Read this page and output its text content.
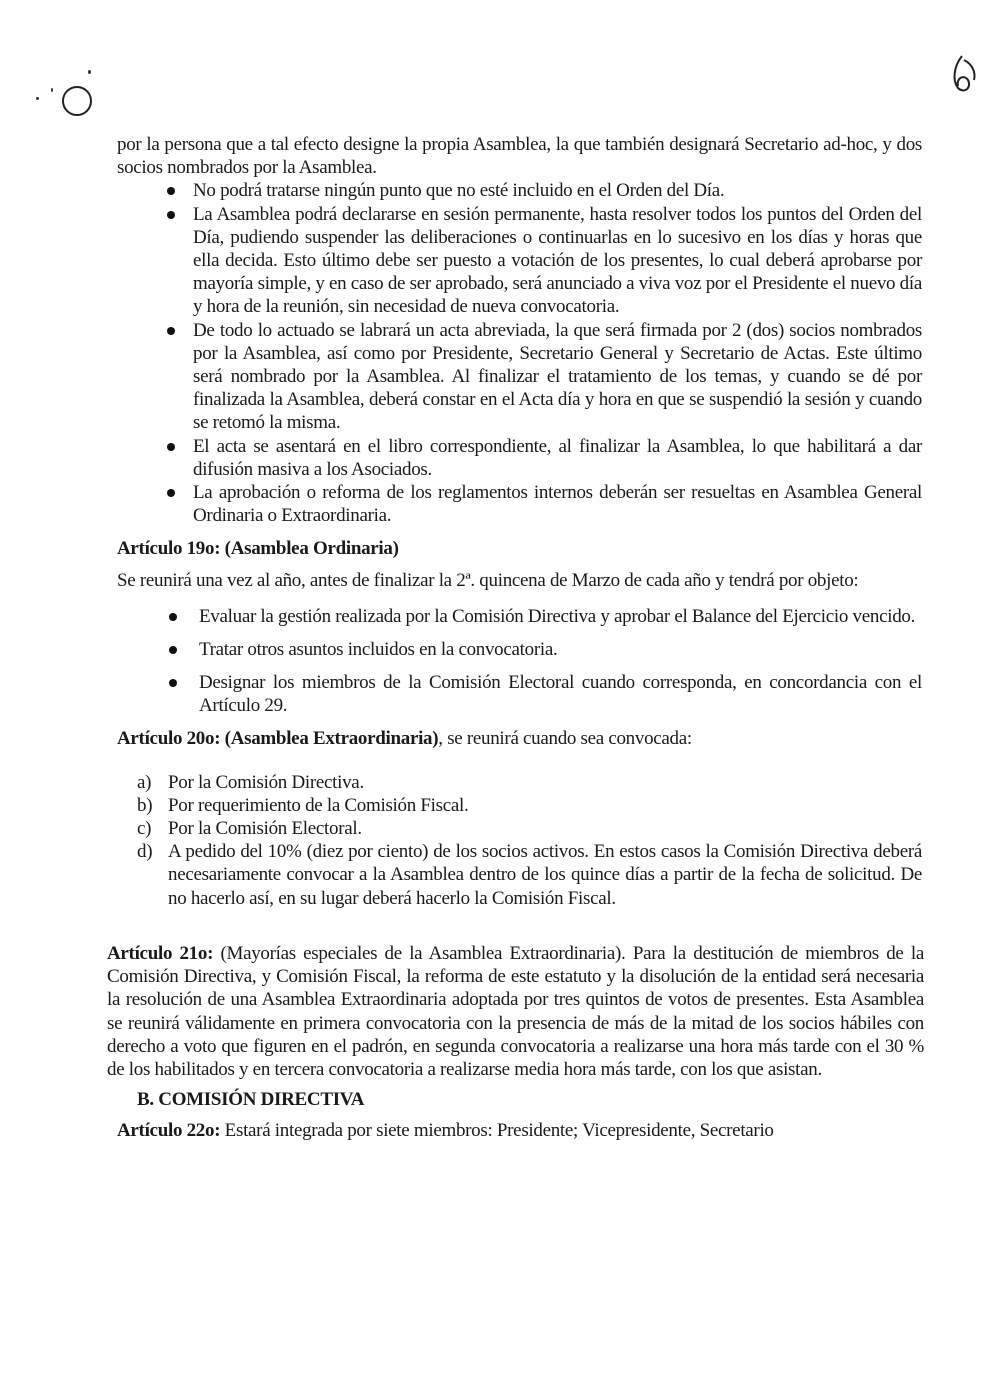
por la persona que a tal efecto designe la propia Asamblea, la que también designará Secretario ad-hoc, y dos socios nombrados por la Asamblea.

No podrá tratarse ningún punto que no esté incluido en el Orden del Día.
La Asamblea podrá declararse en sesión permanente, hasta resolver todos los puntos del Orden del Día, pudiendo suspender las deliberaciones o continuarlas en lo sucesivo en los días y horas que ella decida. Esto último debe ser puesto a votación de los presentes, lo cual deberá aprobarse por mayoría simple, y en caso de ser aprobado, será anunciado a viva voz por el Presidente el nuevo día y hora de la reunión, sin necesidad de nueva convocatoria.
De todo lo actuado se labrará un acta abreviada, la que será firmada por 2 (dos) socios nombrados por la Asamblea, así como por Presidente, Secretario General y Secretario de Actas. Este último será nombrado por la Asamblea. Al finalizar el tratamiento de los temas, y cuando se dé por finalizada la Asamblea, deberá constar en el Acta día y hora en que se suspendió la sesión y cuando se retomó la misma.
El acta se asentará en el libro correspondiente, al finalizar la Asamblea, lo que habilitará a dar difusión masiva a los Asociados.
La aprobación o reforma de los reglamentos internos deberán ser resueltas en Asamblea General Ordinaria o Extraordinaria.

Artículo 19o: (Asamblea Ordinaria)

Se reunirá una vez al año, antes de finalizar la 2ª. quincena de Marzo de cada año y tendrá por objeto:

Evaluar la gestión realizada por la Comisión Directiva y aprobar el Balance del Ejercicio vencido.
Tratar otros asuntos incluidos en la convocatoria.
Designar los miembros de la Comisión Electoral cuando corresponda, en concordancia con el Artículo 29.

Artículo 20o: (Asamblea Extraordinaria), se reunirá cuando sea convocada:

a) Por la Comisión Directiva.
b) Por requerimiento de la Comisión Fiscal.
c) Por la Comisión Electoral.
d) A pedido del 10% (diez por ciento) de los socios activos. En estos casos la Comisión Directiva deberá necesariamente convocar a la Asamblea dentro de los quince días a partir de la fecha de solicitud. De no hacerlo así, en su lugar deberá hacerlo la Comisión Fiscal.

Artículo 21o: (Mayorías especiales de la Asamblea Extraordinaria). Para la destitución de miembros de la Comisión Directiva, y Comisión Fiscal, la reforma de este estatuto y la disolución de la entidad será necesaria la resolución de una Asamblea Extraordinaria adoptada por tres quintos de votos de presentes. Esta Asamblea se reunirá válidamente en primera convocatoria con la presencia de más de la mitad de los socios hábiles con derecho a voto que figuren en el padrón, en segunda convocatoria a realizarse una hora más tarde con el 30 % de los habilitados y en tercera convocatoria a realizarse media hora más tarde, con los que asistan.

B. COMISIÓN DIRECTIVA

Artículo 22o: Estará integrada por siete miembros: Presidente; Vicepresidente, Secretario
